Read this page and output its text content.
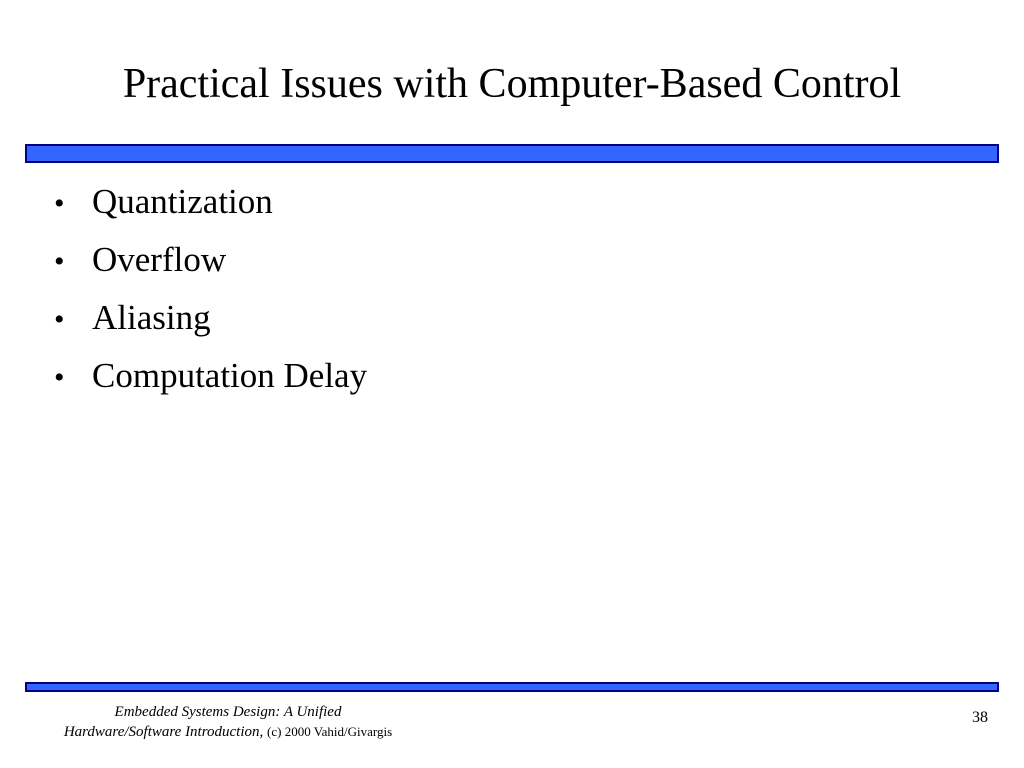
Practical Issues with Computer-Based Control
• Quantization
• Overflow
• Aliasing
• Computation Delay
Embedded Systems Design: A Unified
Hardware/Software Introduction, (c) 2000 Vahid/Givargis
38
